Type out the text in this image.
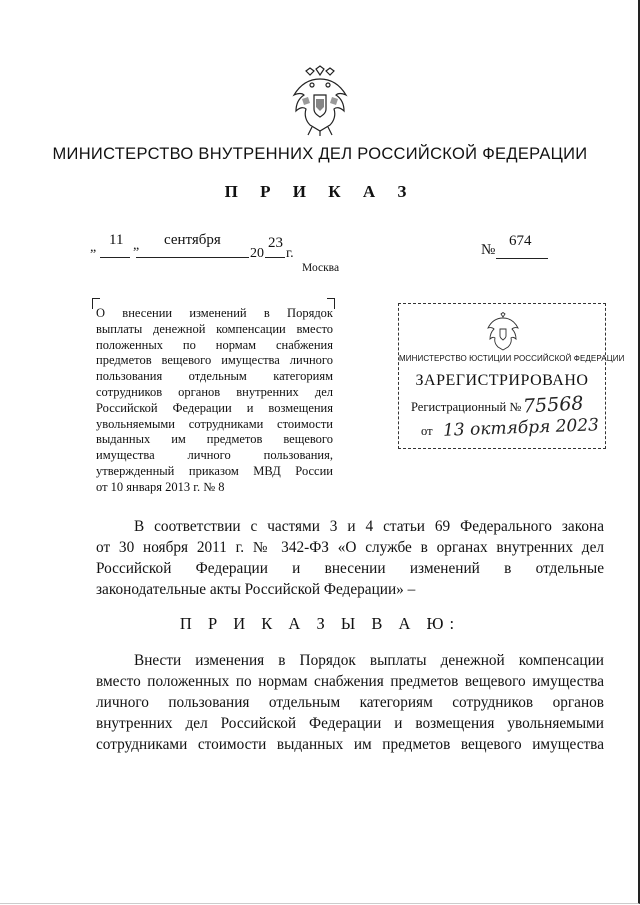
МИНИСТЕРСТВО ВНУТРЕННИХ ДЕЛ РОССИЙСКОЙ ФЕДЕРАЦИИ
П Р И К А З
„ 11 „ сентября
20
23
г.	№
674
Москва
О внесении изменений в Порядок
выплаты денежной компенсации вместо
положенных по нормам снабжения
предметов вещевого имущества личного
пользования отдельным категориям
сотрудников органов внутренних дел
Российской Федерации и возмещения
увольняемыми сотрудниками стоимости
выданных им предметов вещевого
имущества личного пользования,
утвержденный приказом МВД России
от 10 января 2013 г. № 8
МИНИСТЕРСТВО ЮСТИЦИИ РОССИЙСКОЙ ФЕДЕРАЦИИ
ЗАРЕГИСТРИРОВАНО
Регистрационный № 75568
от 13 октября 2023
В соответствии с частями 3 и 4 статьи 69 Федерального закона
от 30 ноября 2011 г. № 342-ФЗ «О службе в органах внутренних дел
Российской Федерации и внесении изменений в отдельные
законодательные акты Российской Федерации» –
П Р И К А З Ы В А Ю:
Внести изменения в Порядок выплаты денежной компенсации
вместо положенных по нормам снабжения предметов вещевого имущества
личного пользования отдельным категориям сотрудников органов
внутренних дел Российской Федерации и возмещения увольняемыми
сотрудниками стоимости выданных им предметов вещевого имущества
